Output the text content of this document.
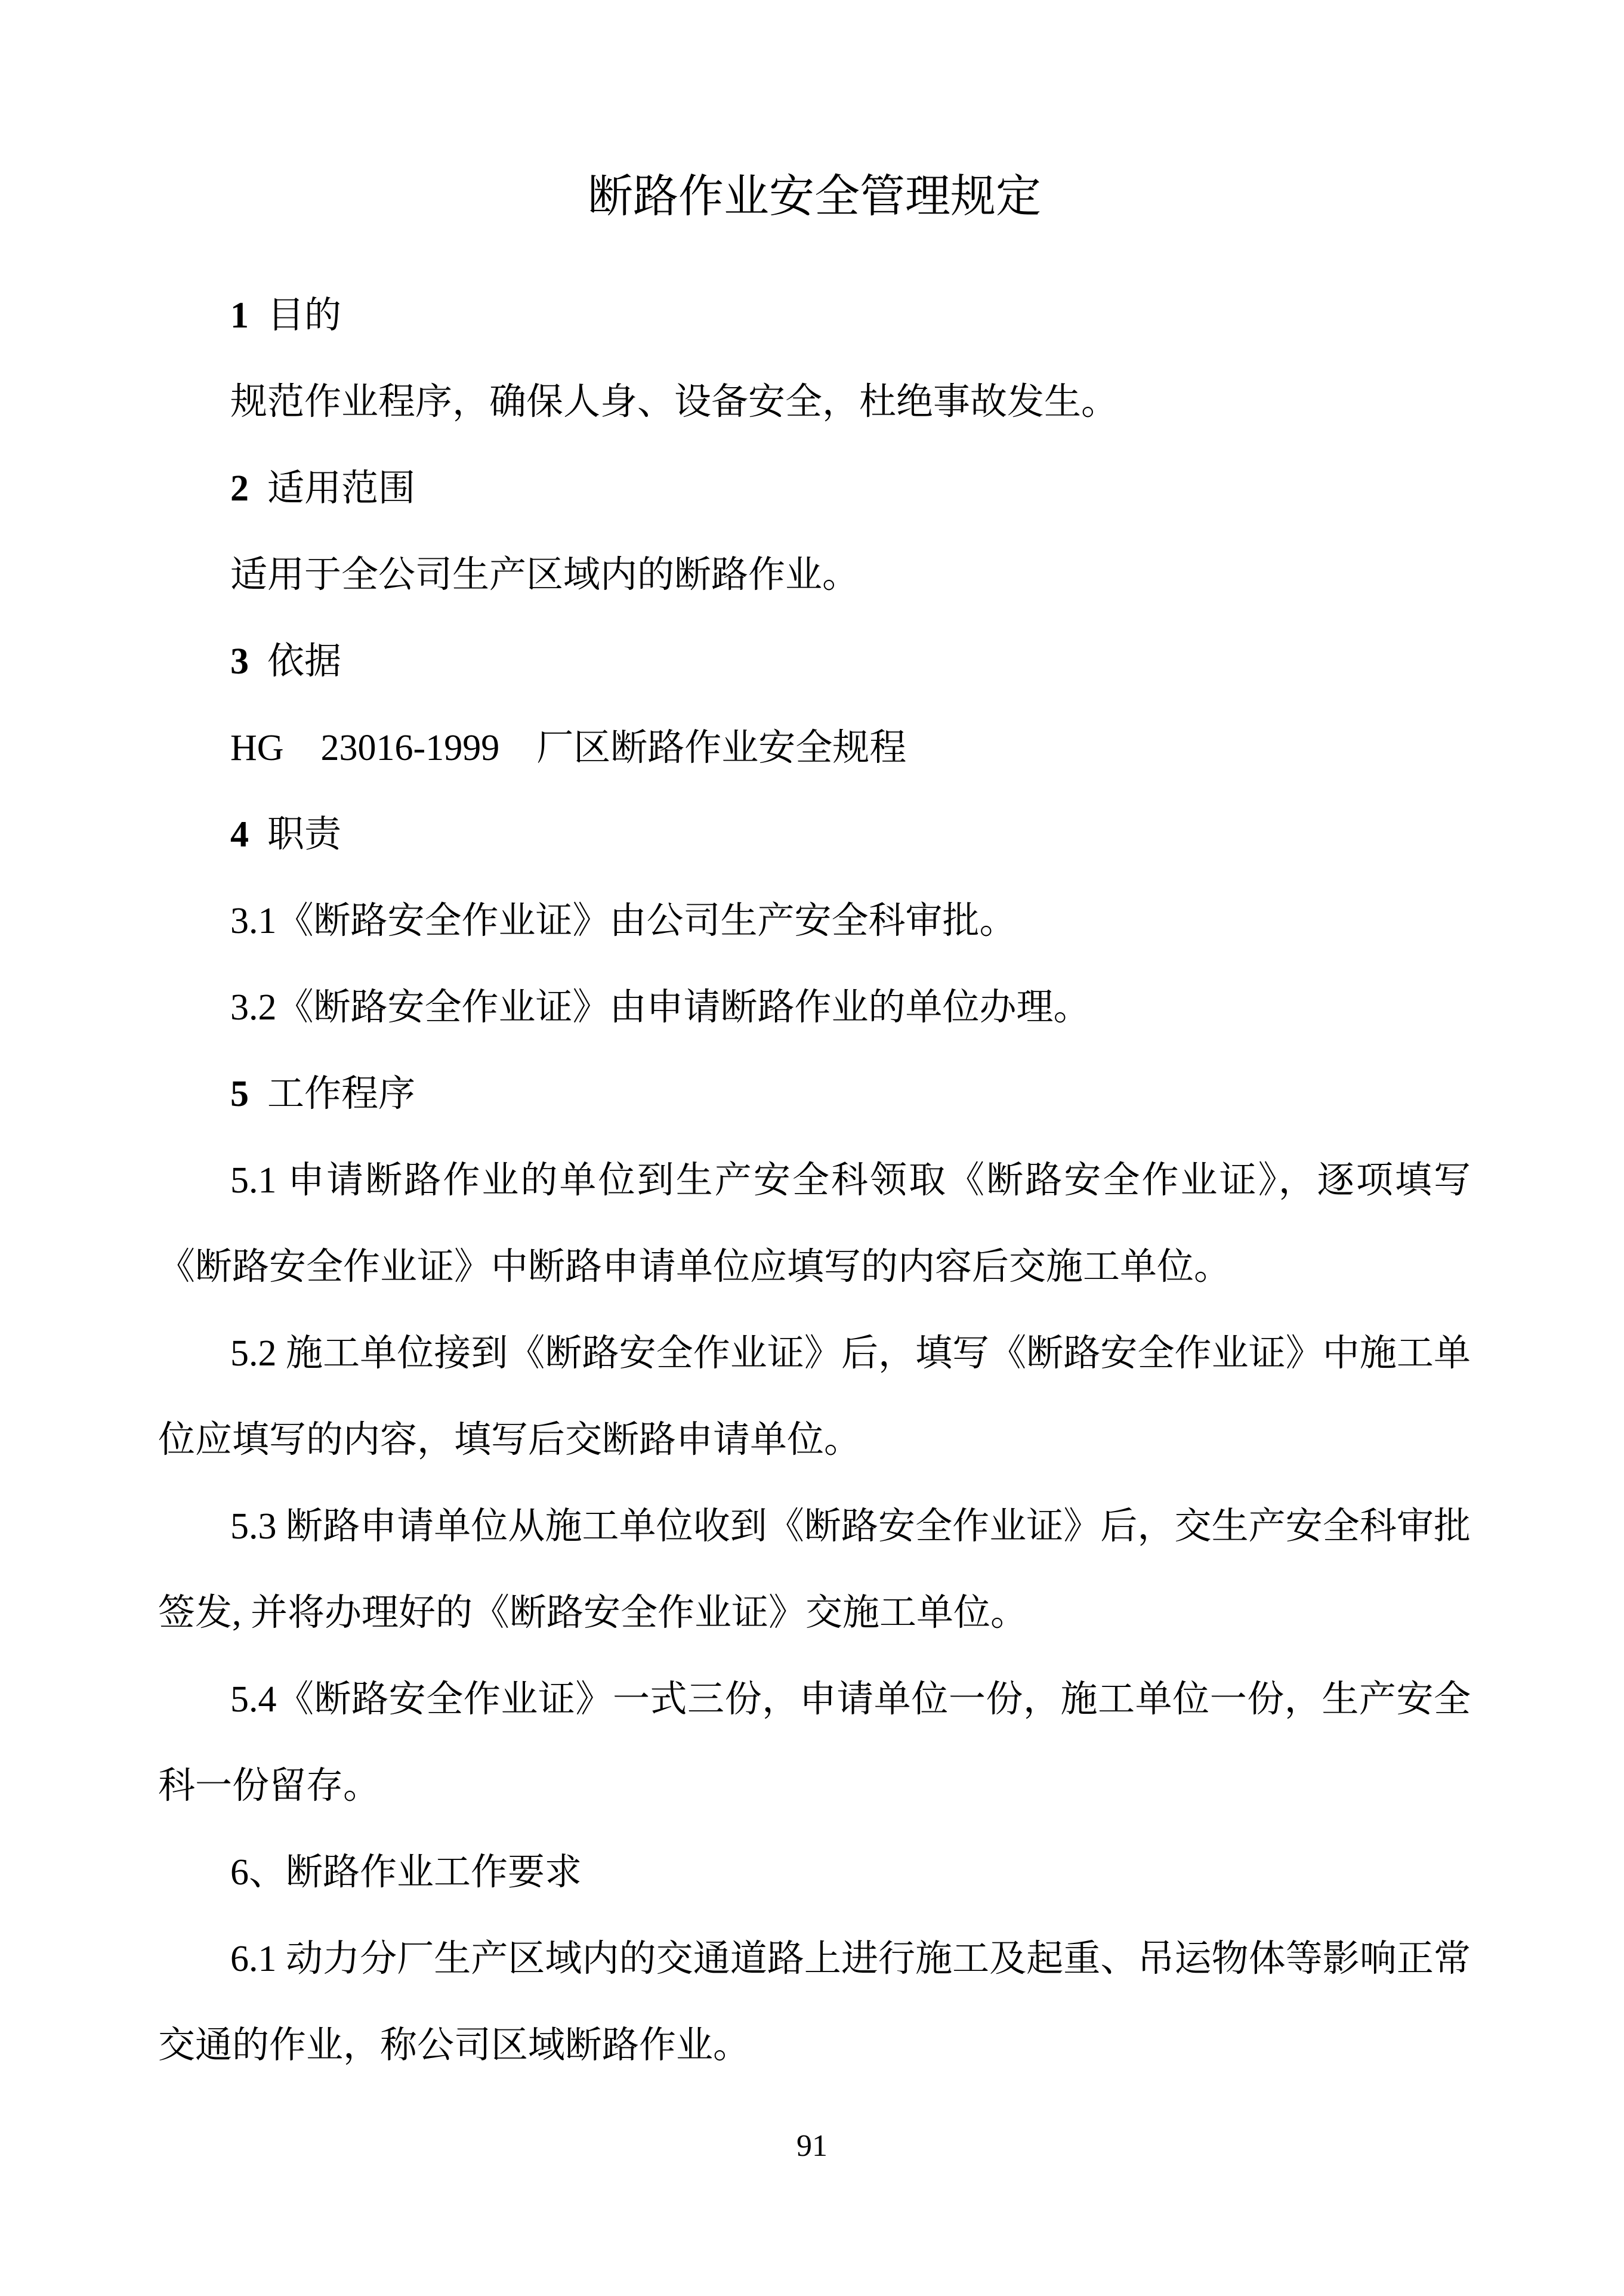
断路作业安全管理规定

1 目的

规范作业程序，确保人身、设备安全，杜绝事故发生。

2 适用范围

适用于全公司生产区域内的断路作业。

3 依据

HG　23016-1999　厂区断路作业安全规程

4 职责

3.1《断路安全作业证》由公司生产安全科审批。

3.2《断路安全作业证》由申请断路作业的单位办理。

5 工作程序

5.1 申请断路作业的单位到生产安全科领取《断路安全作业证》，逐项填写《断路安全作业证》中断路申请单位应填写的内容后交施工单位。

5.2 施工单位接到《断路安全作业证》后，填写《断路安全作业证》中施工单位应填写的内容，填写后交断路申请单位。

5.3 断路申请单位从施工单位收到《断路安全作业证》后，交生产安全科审批签发, 并将办理好的《断路安全作业证》交施工单位。

5.4《断路安全作业证》一式三份，申请单位一份，施工单位一份，生产安全科一份留存。

6、断路作业工作要求

6.1 动力分厂生产区域内的交通道路上进行施工及起重、吊运物体等影响正常交通的作业，称公司区域断路作业。

91
